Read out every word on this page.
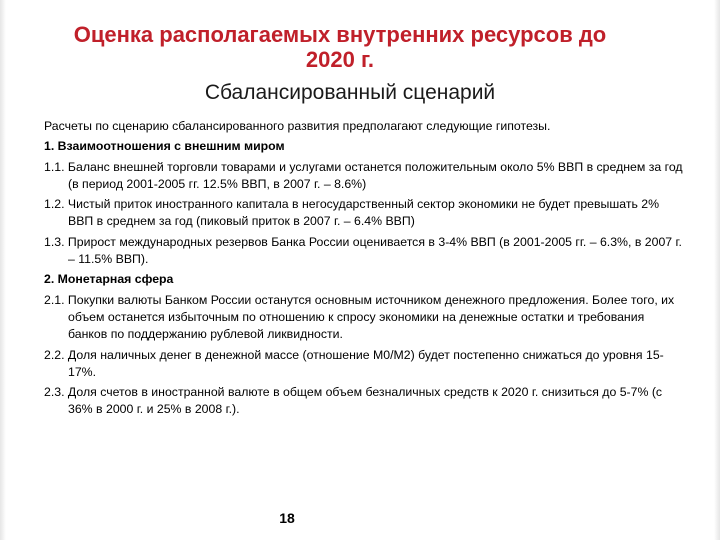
Оценка располагаемых внутренних ресурсов до 2020 г.
Сбалансированный сценарий

Расчеты по сценарию сбалансированного развития предполагают следующие гипотезы.

1. Взаимоотношения с внешним миром

1.1. Баланс внешней торговли товарами и услугами останется положительным около 5% ВВП в среднем за год (в период 2001-2005 гг. 12.5% ВВП, в 2007 г. – 8.6%)

1.2. Чистый приток иностранного капитала в негосударственный сектор экономики не будет превышать 2% ВВП в среднем за год (пиковый приток в 2007 г. – 6.4% ВВП)

1.3. Прирост международных резервов Банка России оценивается в 3-4% ВВП (в 2001-2005 гг. – 6.3%, в 2007 г. – 11.5% ВВП).

2. Монетарная сфера

2.1. Покупки валюты Банком России останутся основным источником денежного предложения. Более того, их объем останется избыточным по отношению к спросу экономики на денежные остатки и требования банков по поддержанию рублевой ликвидности.

2.2. Доля наличных денег в денежной массе (отношение М0/М2) будет постепенно снижаться до уровня 15-17%.

2.3. Доля счетов в иностранной валюте в общем объем безналичных средств к 2020 г. снизиться до 5-7% (с 36% в 2000 г. и 25% в 2008 г.).

18
